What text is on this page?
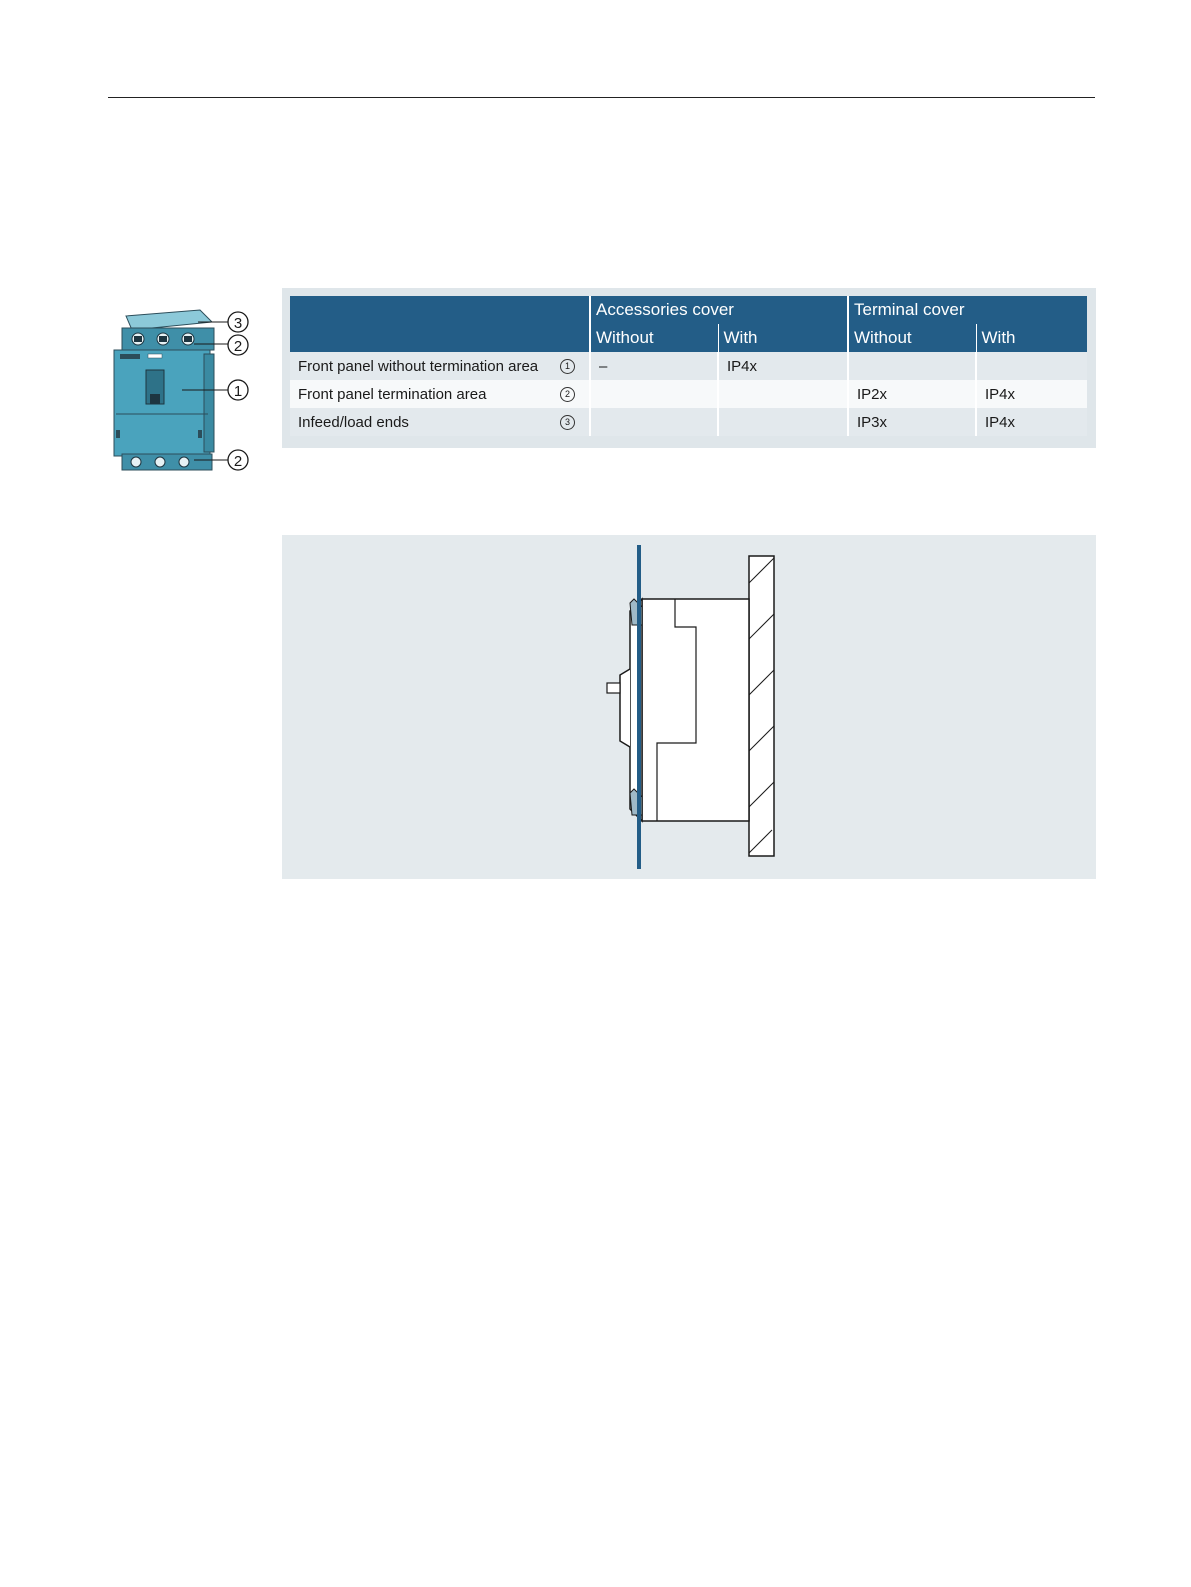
3
2
1
2
	Accessories cover		Terminal cover	
	Without	With	Without	With

Front panel without termination area 1	–	IP4x		

Front panel termination area 2			IP2x	IP4x

Infeed/load ends 3			IP3x	IP4x
